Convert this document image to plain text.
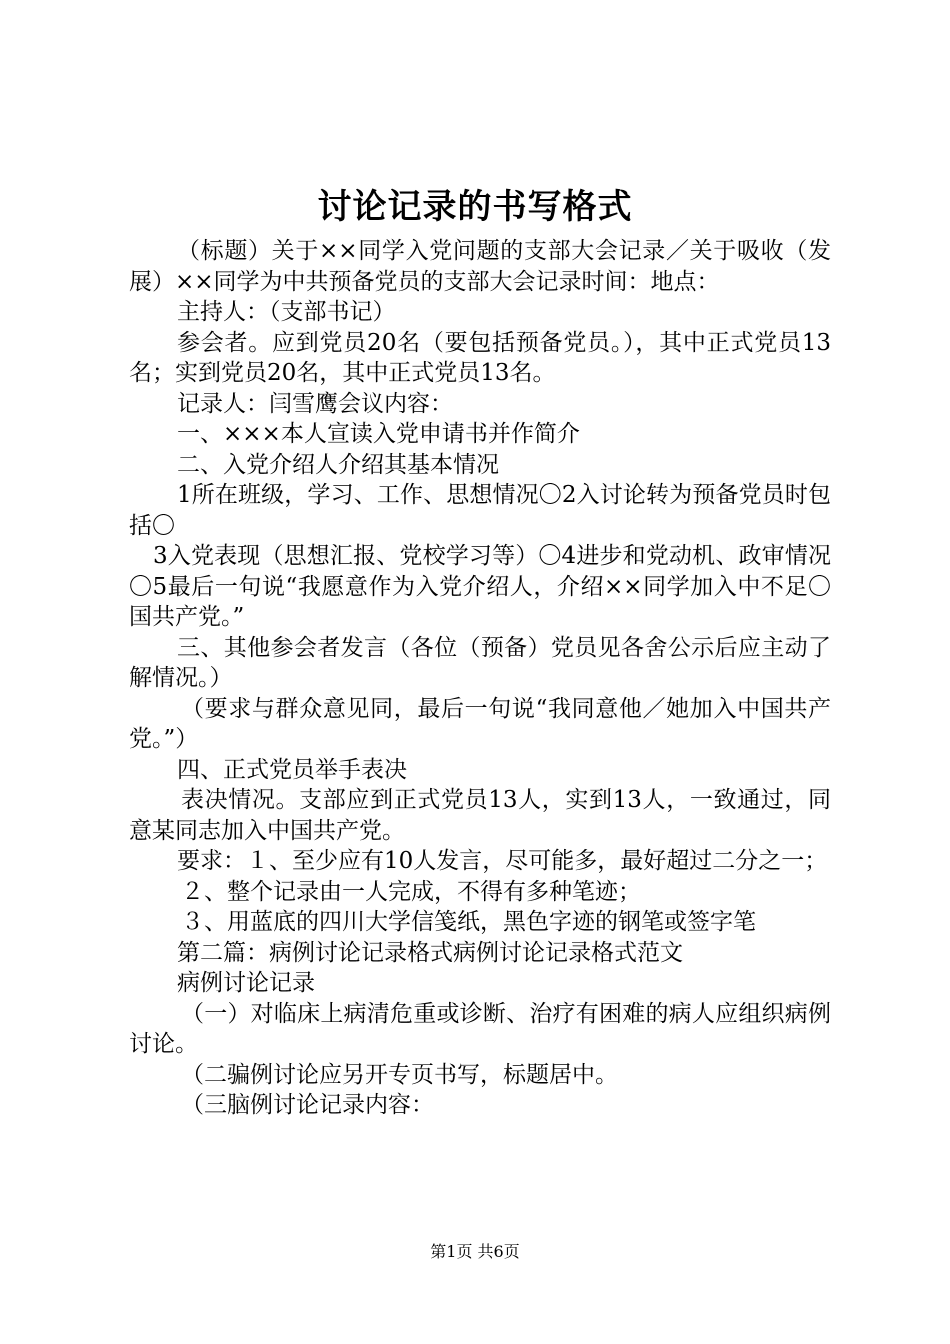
讨论记录的书写格式

（标题）关于××同学入党问题的支部大会记录／关于吸收（发展）××同学为中共预备党员的支部大会记录时间：地点：

主持人：（支部书记）

参会者。应到党员20名（要包括预备党员。），其中正式党员13名；实到党员20名，其中正式党员13名。

记录人：闫雪鹰会议内容：

一、×××本人宣读入党申请书并作简介

二、入党介绍人介绍其基本情况

1所在班级，学习、工作、思想情况〇2入讨论转为预备党员时包括〇

3入党表现（思想汇报、党校学习等）〇4进步和党动机、政审情况〇5最后一句说“我愿意作为入党介绍人，介绍××同学加入中不足〇国共产党。”

三、其他参会者发言（各位（预备）党员见各舍公示后应主动了解情况。）

（要求与群众意见同，最后一句说“我同意他／她加入中国共产党。”）

四、正式党员举手表决

表决情况。支部应到正式党员13人，实到13人，一致通过，同意某同志加入中国共产党。

要求：１、至少应有10人发言，尽可能多，最好超过二分之一；

２、整个记录由一人完成，不得有多种笔迹；

３、用蓝底的四川大学信笺纸，黑色字迹的钢笔或签字笔

第二篇：病例讨论记录格式病例讨论记录格式范文

病例讨论记录

（一）对临床上病清危重或诊断、治疗有困难的病人应组织病例讨论。

（二骗例讨论应另开专页书写，标题居中。

（三脑例讨论记录内容：

第1页 共6页
